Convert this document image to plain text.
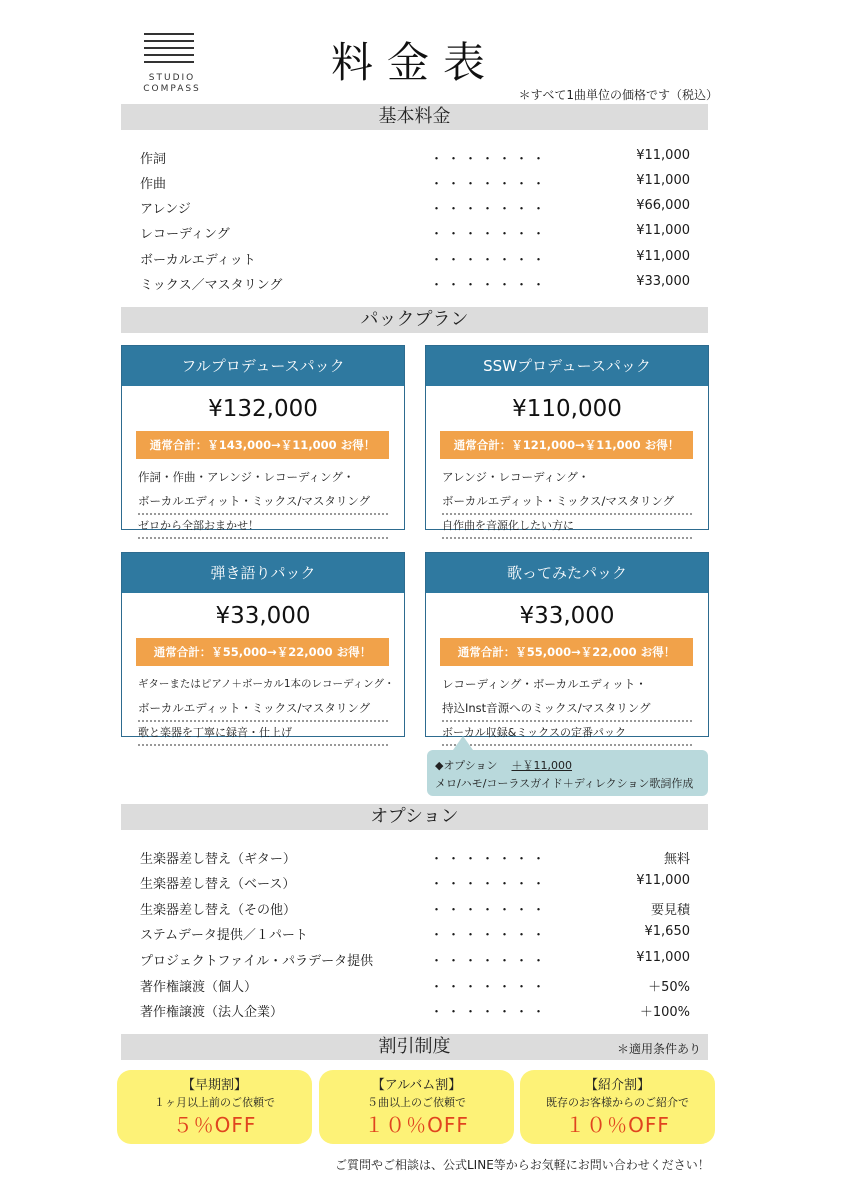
STUDIO
COMPASS
料金表
＊すべて1曲単位の価格です（税込）
基本料金
作詞	・・・・・・・	¥11,000
作曲	・・・・・・・	¥11,000
アレンジ	・・・・・・・	¥66,000
レコーディング	・・・・・・・	¥11,000
ボーカルエディット	・・・・・・・	¥11,000
ミックス／マスタリング	・・・・・・・	¥33,000
パックプラン
フルプロデュースパック
¥132,000
通常合計：￥143,000→￥11,000 お得！
作詞・作曲・アレンジ・レコーディング・
ボーカルエディット・ミックス/マスタリング
ゼロから全部おまかせ！
SSWプロデュースパック
¥110,000
通常合計：￥121,000→￥11,000 お得！
アレンジ・レコーディング・
ボーカルエディット・ミックス/マスタリング
自作曲を音源化したい方に
弾き語りパック
¥33,000
通常合計：￥55,000→￥22,000 お得！
ギターまたはピアノ＋ボーカル1本のレコーディング・
ボーカルエディット・ミックス/マスタリング
歌と楽器を丁寧に録音・仕上げ
歌ってみたパック
¥33,000
通常合計：￥55,000→￥22,000 お得！
レコーディング・ボーカルエディット・
持込Inst音源へのミックス/マスタリング
ボーカル収録&ミックスの定番パック
◆オプション ＋￥11,000
メロ/ハモ/コーラスガイド＋ディレクション歌詞作成
オプション
生楽器差し替え（ギター）	・・・・・・・	無料
生楽器差し替え（ベース）	・・・・・・・	¥11,000
生楽器差し替え（その他）	・・・・・・・	要見積
ステムデータ提供／１パート	・・・・・・・	¥1,650
プロジェクトファイル・パラデータ提供	・・・・・・・	¥11,000
著作権譲渡（個人）	・・・・・・・	＋50%
著作権譲渡（法人企業）	・・・・・・・	＋100%
割引制度	＊適用条件あり
【早期割】
１ヶ月以上前のご依頼で
５％OFF
【アルバム割】
５曲以上のご依頼で
１０％OFF
【紹介割】
既存のお客様からのご紹介で
１０％OFF
ご質問やご相談は、公式LINE等からお気軽にお問い合わせください！
